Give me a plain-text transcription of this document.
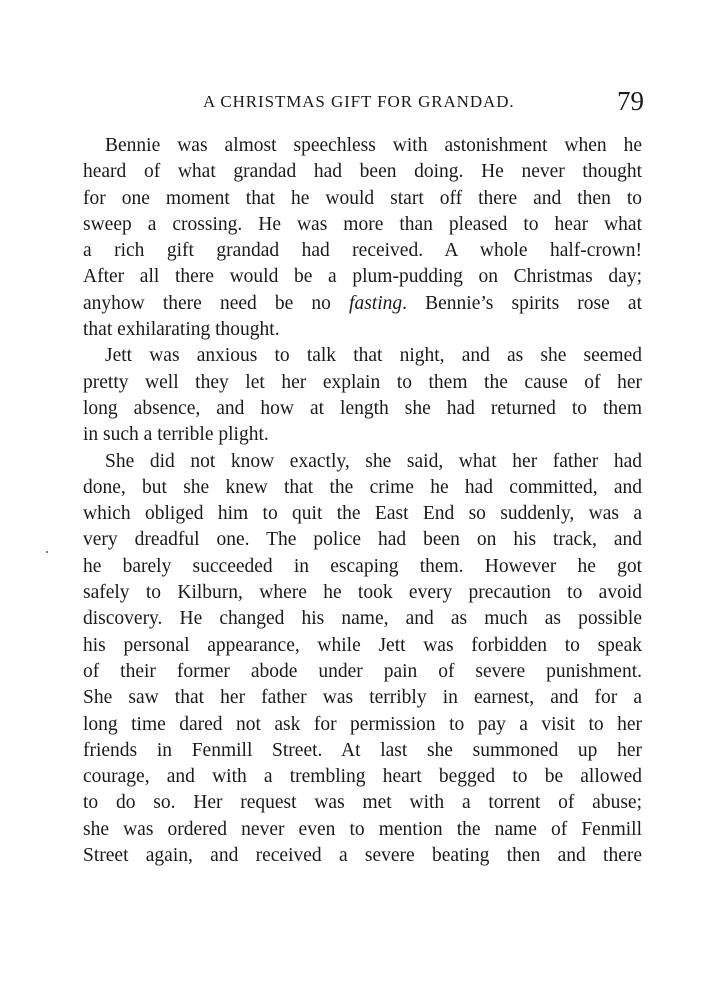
A CHRISTMAS GIFT FOR GRANDAD.	79
Bennie was almost speechless with astonishment when he
heard of what grandad had been doing. He never thought
for one moment that he would start off there and then to
sweep a crossing. He was more than pleased to hear what
a rich gift grandad had received. A whole half-crown!
After all there would be a plum-pudding on Christmas day;
anyhow there need be no fasting. Bennie’s spirits rose at
that exhilarating thought.
Jett was anxious to talk that night, and as she seemed
pretty well they let her explain to them the cause of her
long absence, and how at length she had returned to them
in such a terrible plight.
She did not know exactly, she said, what her father had
done, but she knew that the crime he had committed, and
which obliged him to quit the East End so suddenly, was a
very dreadful one. The police had been on his track, and
he barely succeeded in escaping them. However he got
safely to Kilburn, where he took every precaution to avoid
discovery. He changed his name, and as much as possible
his personal appearance, while Jett was forbidden to speak
of their former abode under pain of severe punishment.
She saw that her father was terribly in earnest, and for a
long time dared not ask for permission to pay a visit to her
friends in Fenmill Street. At last she summoned up her
courage, and with a trembling heart begged to be allowed
to do so. Her request was met with a torrent of abuse;
she was ordered never even to mention the name of Fenmill
Street again, and received a severe beating then and there
